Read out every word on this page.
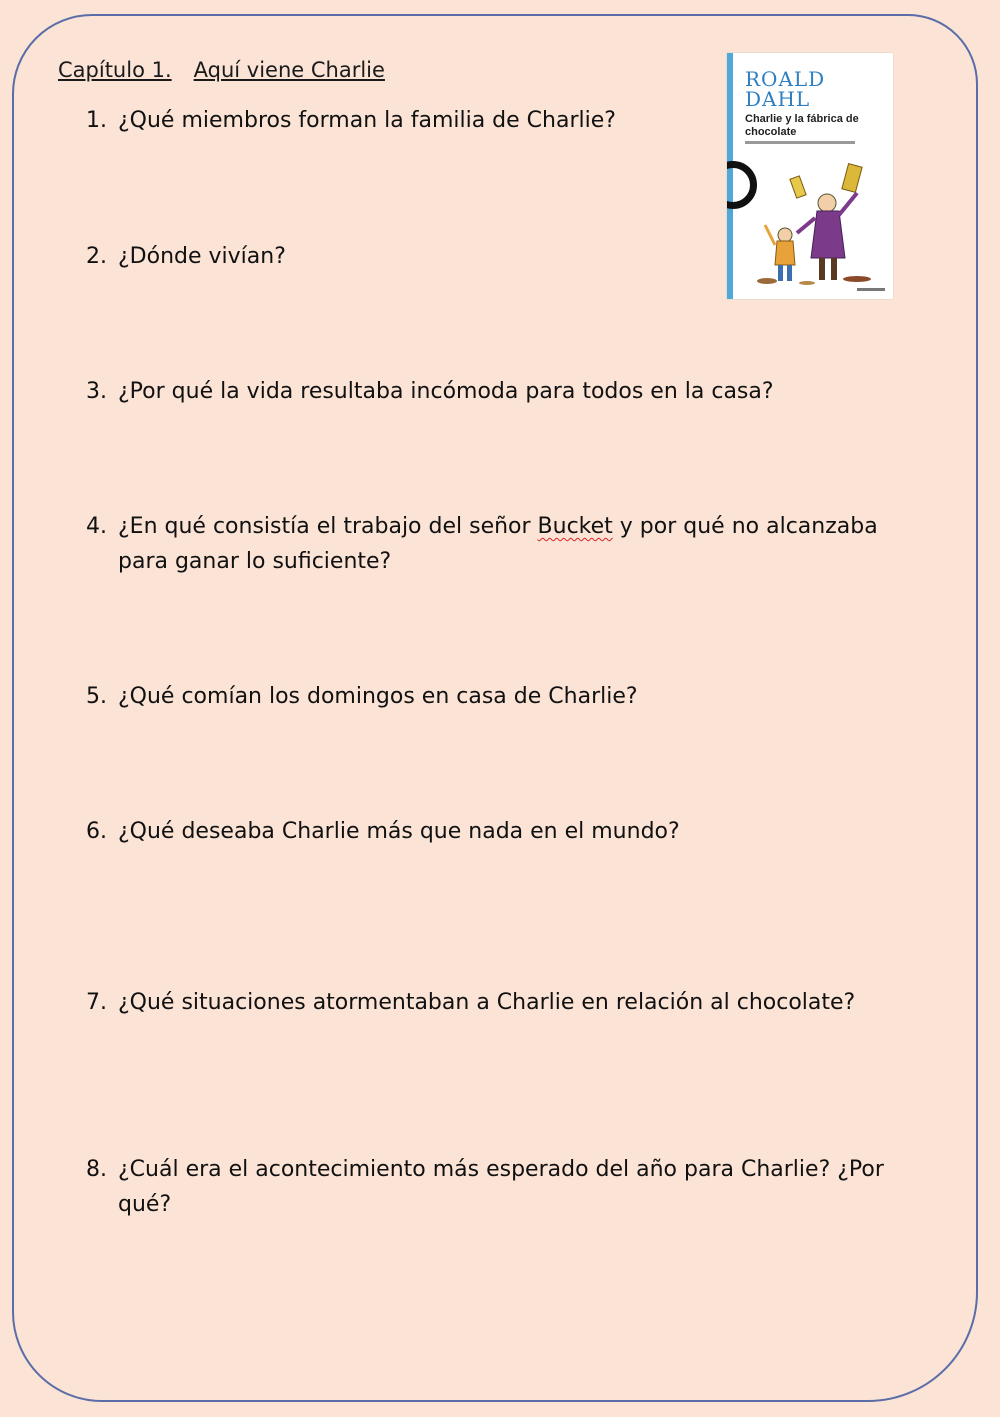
Capítulo 1. Aquí viene Charlie
1. ¿Qué miembros forman la familia de Charlie?
2. ¿Dónde vivían?
3. ¿Por qué la vida resultaba incómoda para todos en la casa?
4. ¿En qué consistía el trabajo del señor Bucket y por qué no alcanzaba para ganar lo suficiente?
5. ¿Qué comían los domingos en casa de Charlie?
6. ¿Qué deseaba Charlie más que nada en el mundo?
7. ¿Qué situaciones atormentaban a Charlie en relación al chocolate?
8. ¿Cuál era el acontecimiento más esperado del año para Charlie? ¿Por qué?
ROALD
DAHL
Charlie y la fábrica de chocolate
